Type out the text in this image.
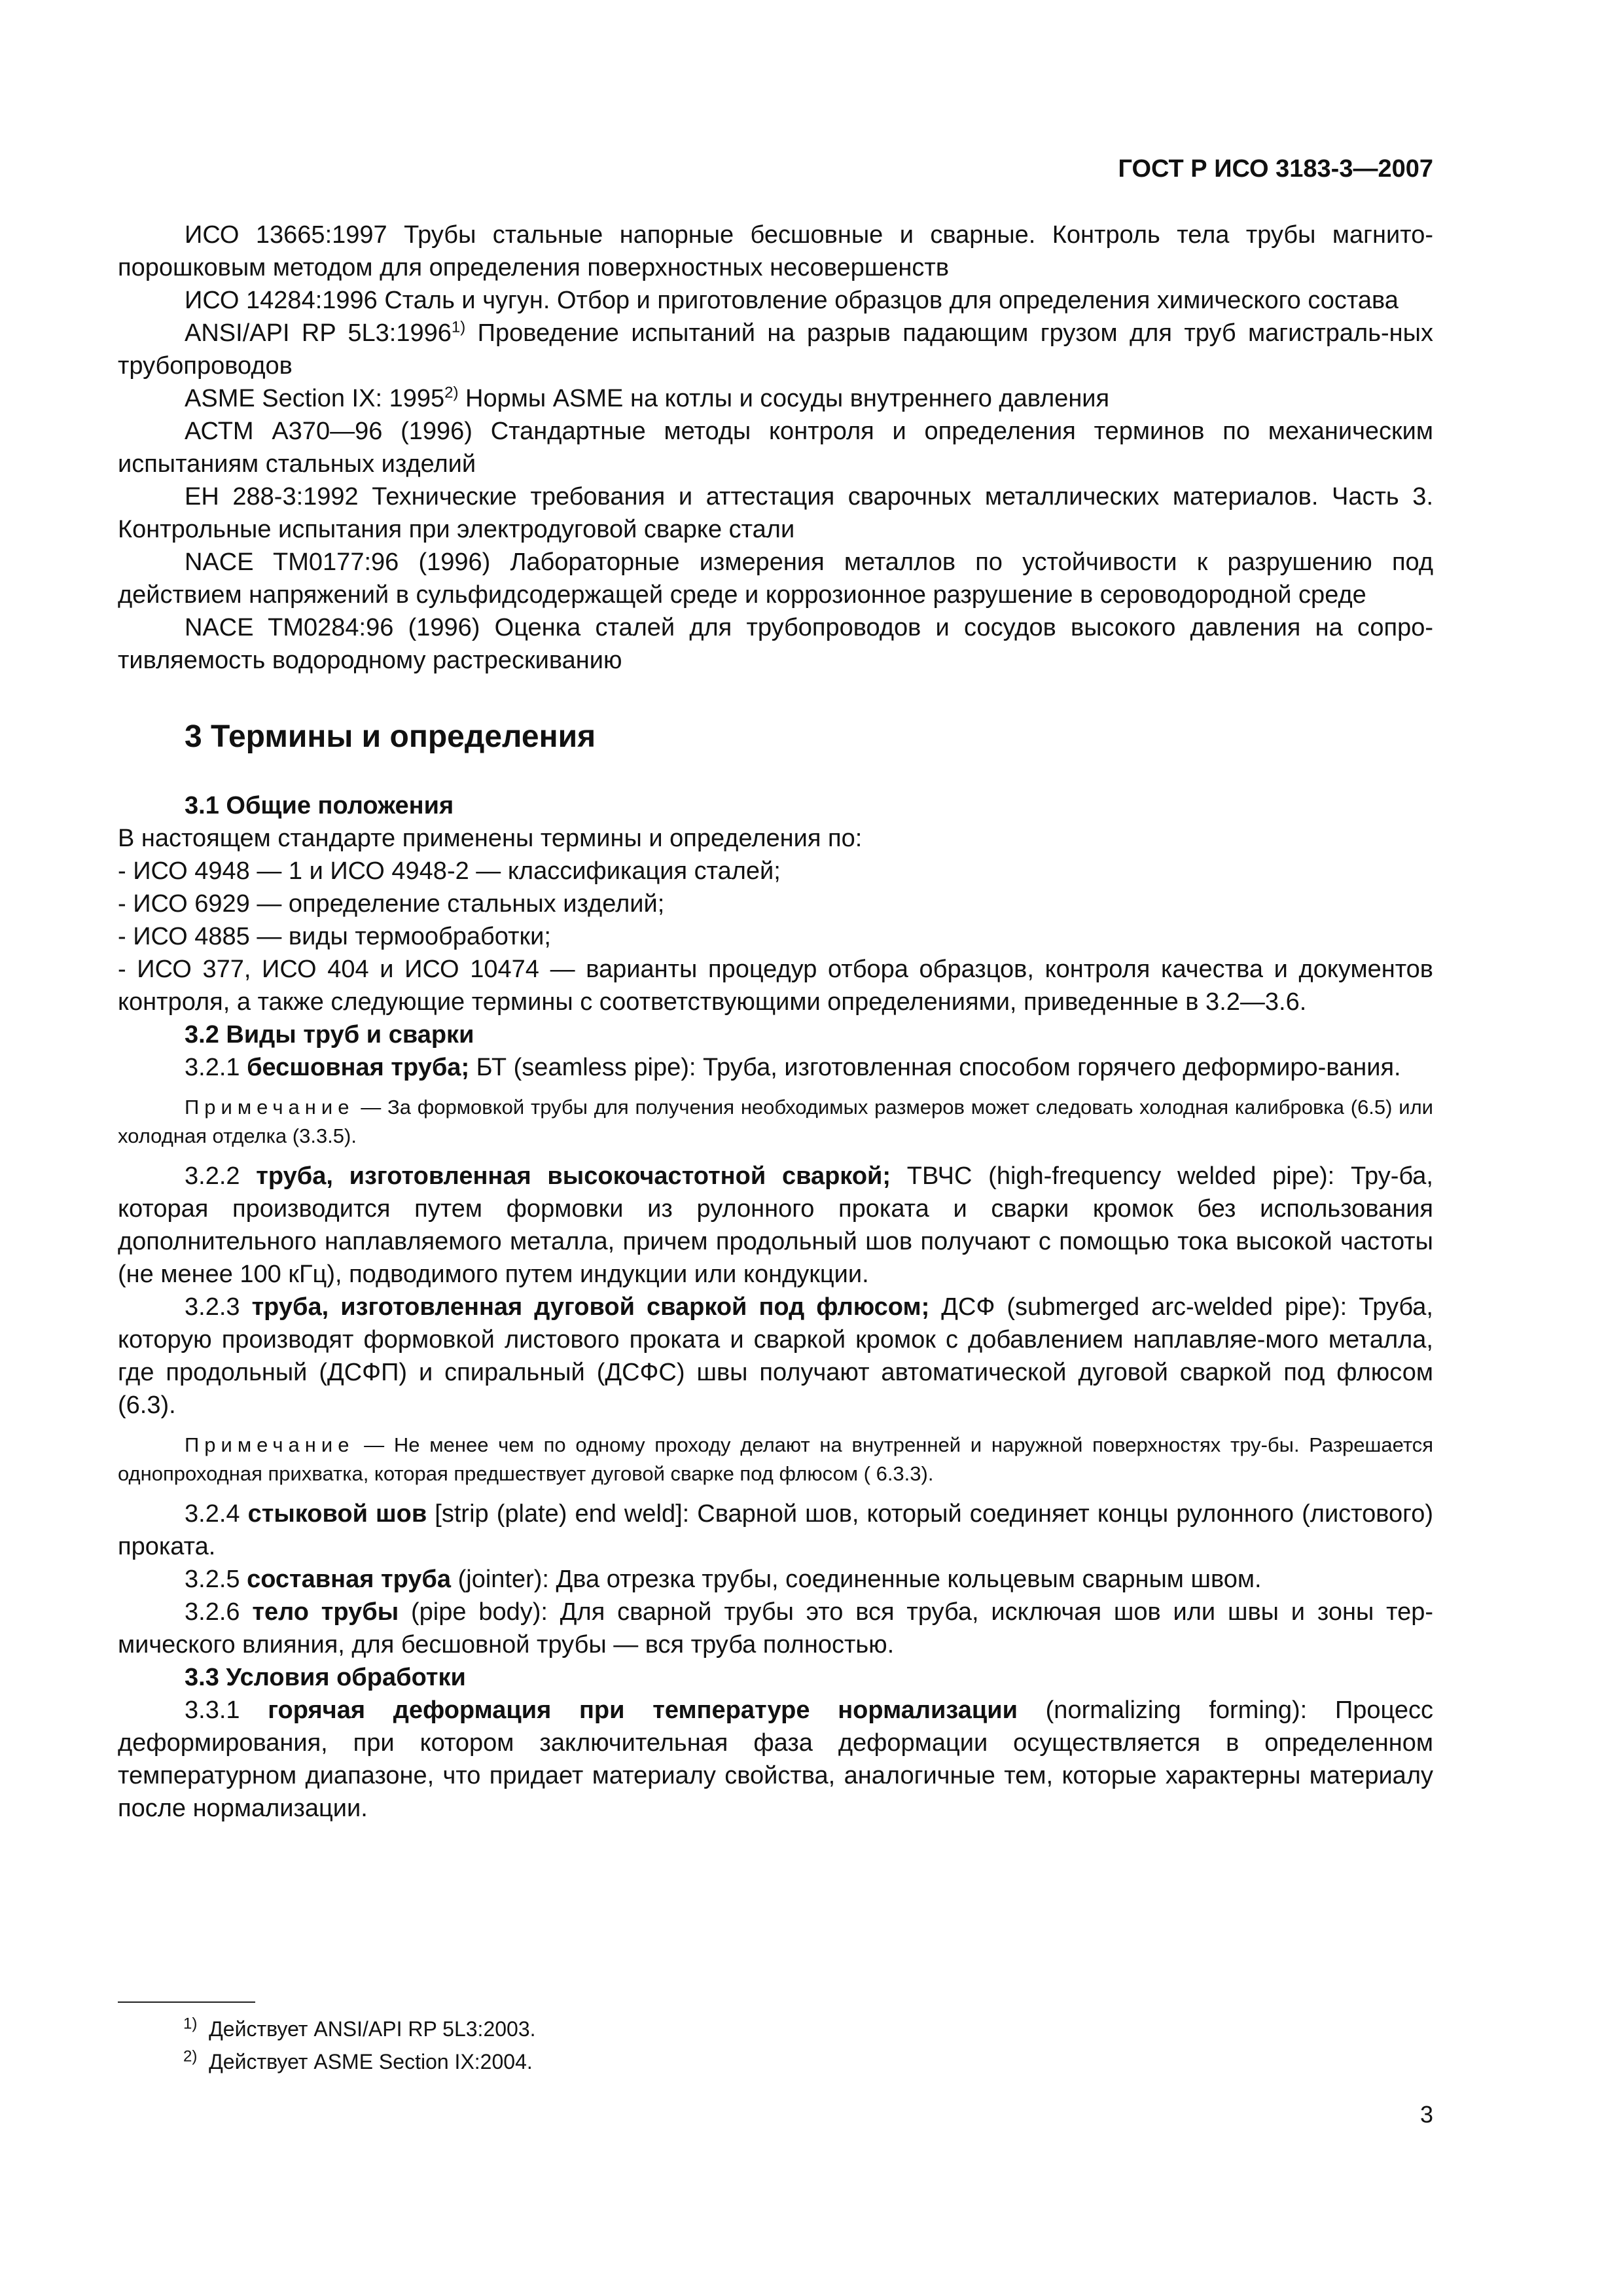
ГОСТ Р ИСО 3183-3—2007

ИСО 13665:1997 Трубы стальные напорные бесшовные и сварные. Контроль тела трубы магнито-порошковым методом для определения поверхностных несовершенств

ИСО 14284:1996 Сталь и чугун. Отбор и приготовление образцов для определения химического состава

ANSI/API RP 5L3:1996$^{1)}$ Проведение испытаний на разрыв падающим грузом для труб магистраль-ных трубопроводов

ASME Section IX: 1995$^{2)}$ Нормы ASME на котлы и сосуды внутреннего давления

АСТМ А370—96 (1996) Стандартные методы контроля и определения терминов по механическим испытаниям стальных изделий

ЕН 288-3:1992 Технические требования и аттестация сварочных металлических материалов. Часть 3. Контрольные испытания при электродуговой сварке стали

NACE TM0177:96 (1996) Лабораторные измерения металлов по устойчивости к разрушению под действием напряжений в сульфидсодержащей среде и коррозионное разрушение в сероводородной среде

NACE TM0284:96 (1996) Оценка сталей для трубопроводов и сосудов высокого давления на сопро-тивляемость водородному растрескиванию

3 Термины и определения

3.1 Общие положения

В настоящем стандарте применены термины и определения по:

- ИСО 4948 — 1 и ИСО 4948-2 — классификация сталей;

- ИСО 6929 — определение стальных изделий;

- ИСО 4885 — виды термообработки;

- ИСО 377, ИСО 404 и ИСО 10474 — варианты процедур отбора образцов, контроля качества и документов контроля, а также следующие термины с соответствующими определениями, приведенные в 3.2—3.6.

3.2 Виды труб и сварки

3.2.1 бесшовная труба; БТ (seamless pipe): Труба, изготовленная способом горячего деформиро-вания.

Примечание — За формовкой трубы для получения необходимых размеров может следовать холодная калибровка (6.5) или холодная отделка (3.3.5).

3.2.2 труба, изготовленная высокочастотной сваркой; ТВЧС (high-frequency welded pipe): Тру-ба, которая производится путем формовки из рулонного проката и сварки кромок без использования дополнительного наплавляемого металла, причем продольный шов получают с помощью тока высокой частоты (не менее 100 кГц), подводимого путем индукции или кондукции.

3.2.3 труба, изготовленная дуговой сваркой под флюсом; ДСФ (submerged arc-welded pipe): Труба, которую производят формовкой листового проката и сваркой кромок с добавлением наплавляе-мого металла, где продольный (ДСФП) и спиральный (ДСФС) швы получают автоматической дуговой сваркой под флюсом (6.3).

Примечание — Не менее чем по одному проходу делают на внутренней и наружной поверхностях тру-бы. Разрешается однопроходная прихватка, которая предшествует дуговой сварке под флюсом ( 6.3.3).

3.2.4 стыковой шов [strip (plate) end weld]: Сварной шов, который соединяет концы рулонного (листового) проката.

3.2.5 составная труба (jointer): Два отрезка трубы, соединенные кольцевым сварным швом.

3.2.6 тело трубы (pipe body): Для сварной трубы это вся труба, исключая шов или швы и зоны тер-мического влияния, для бесшовной трубы — вся труба полностью.

3.3 Условия обработки

3.3.1 горячая деформация при температуре нормализации (normalizing forming): Процесс деформирования, при котором заключительная фаза деформации осуществляется в определенном температурном диапазоне, что придает материалу свойства, аналогичные тем, которые характерны материалу после нормализации.

$^{1)}$ Действует ANSI/API RP 5L3:2003.
$^{2)}$ Действует ASME Section IX:2004.
3
